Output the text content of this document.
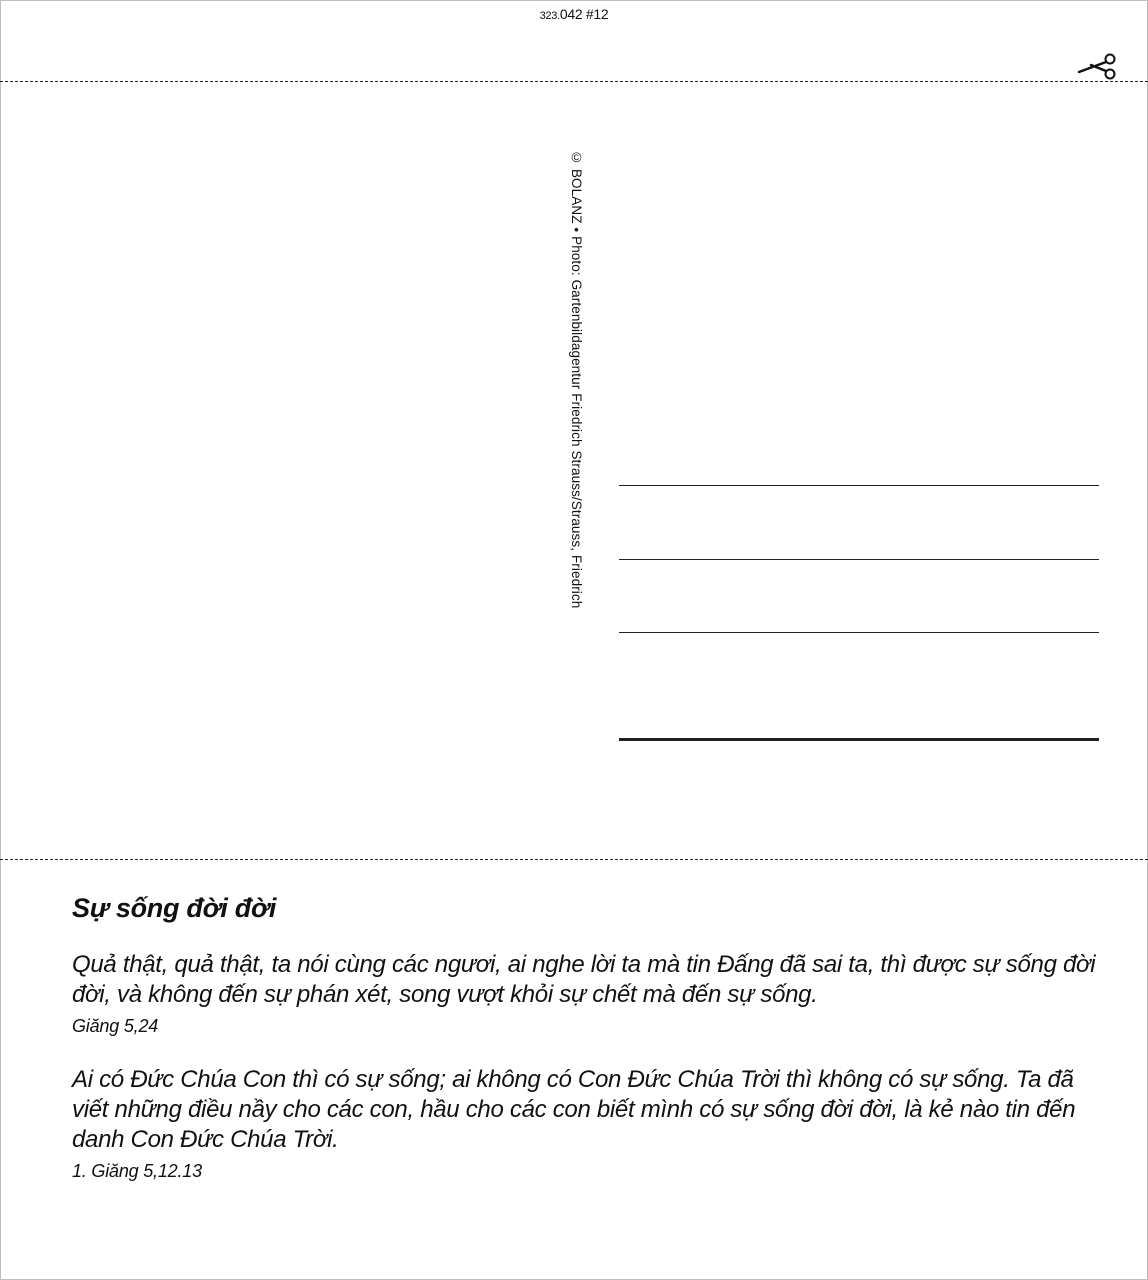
323.042 #12
© BOLANZ • Photo: Gartenbildagentur Friedrich Strauss/Strauss, Friedrich
Sự sống đời đời

Quả thật, quả thật, ta nói cùng các ngươi, ai nghe lời ta mà tin Đấng đã sai ta, thì được sự sống đời đời, và không đến sự phán xét, song vượt khỏi sự chết mà đến sự sống.

Giăng 5,24

Ai có Đức Chúa Con thì có sự sống; ai không có Con Đức Chúa Trời thì không có sự sống. Ta đã viết những điều nầy cho các con, hầu cho các con biết mình có sự sống đời đời, là kẻ nào tin đến danh Con Đức Chúa Trời.

1. Giăng 5,12.13
